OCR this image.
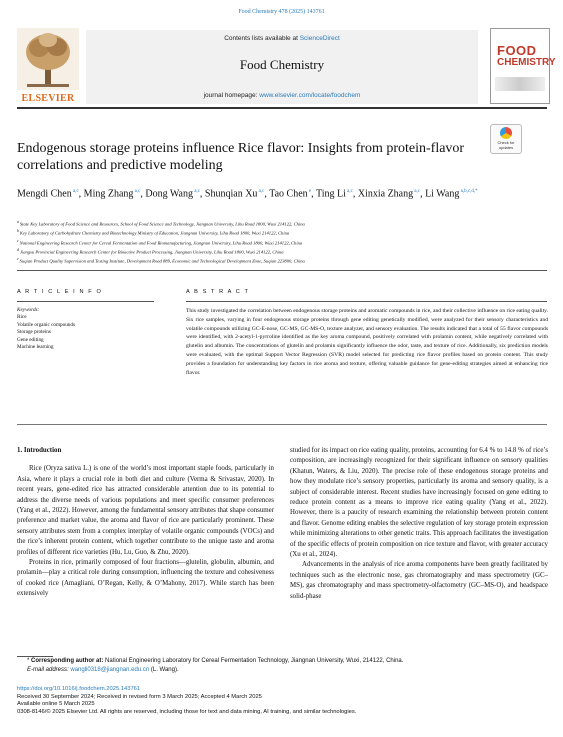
Food Chemistry 478 (2025) 143761
ELSEVIER
Contents lists available at ScienceDirect
Food Chemistry
journal homepage: www.elsevier.com/locate/foodchem
FOOD
CHEMISTRY
Check for updates
Endogenous storage proteins influence Rice flavor: Insights from protein-flavor correlations and predictive modeling
Mengdi Chen $^{a,c}$, Ming Zhang $^{a,c}$, Dong Wang $^{a,c}$, Shunqian Xu $^{a,c}$, Tao Chen $^e$, Ting Li $^{a,c}$, Xinxia Zhang $^{a,c}$, Li Wang $^{a,b,c,d,*}$
$^a$ State Key Laboratory of Food Science and Resources, School of Food Science and Technology, Jiangnan University, Lihu Road 1800, Wuxi 214122, China
$^b$ Key Laboratory of Carbohydrate Chemistry and Biotechnology Ministry of Education, Jiangnan University, Lihu Road 1800, Wuxi 214122, China
$^c$ National Engineering Research Center for Cereal Fermentation and Food Biomanufacturing, Jiangnan University, Lihu Road 1800, Wuxi 214122, China
$^d$ Jiangsu Provincial Engineering Research Center for Bioactive Product Processing, Jiangnan University, Lihu Road 1800, Wuxi 214122, China
$^e$ Suqian Product Quality Supervision and Testing Institute, Development Road 889, Economic and Technological Development Zone, Suqian 223800, China
A R T I C L E I N F O
Keywords:
Rice
Volatile organic compounds
Storage proteins
Gene editing
Machine learning
A B S T R A C T
This study investigated the correlation between endogenous storage proteins and aromatic compounds in rice, and their collective influence on rice eating quality. Six rice samples, varying in four endogenous storage proteins through gene editing genetically modified, were analyzed for their sensory characteristics and volatile compounds utilizing GC-E-nose, GC-MS, GC-MS-O, texture analyzer, and sensory evaluation. The results indicated that a total of 55 flavor compounds were identified, with 2-acetyl-1-pyrroline identified as the key aroma compound, positively correlated with prolamin content, while negatively correlated with glutelin and albumin. The concentrations of glutelin and prolamin significantly influence the odor, taste, and texture of rice. Additionally, six prediction models were evaluated, with the optimal Support Vector Regression (SVR) model selected for predicting rice flavor profiles based on protein content. This study provides a foundation for understanding key factors in rice aroma and texture, offering valuable guidance for gene-editing strategies aimed at enhancing rice flavor.
1. Introduction

Rice (Oryza sativa L.) is one of the world’s most important staple foods, particularly in Asia, where it plays a crucial role in both diet and culture (Verma & Srivastav, 2020). In recent years, gene-edited rice has attracted considerable attention due to its potential to address the diverse needs of various populations and meet specific consumer preferences (Yang et al., 2022). However, among the fundamental sensory attributes that shape consumer preference and market value, the aroma and flavor of rice are particularly prominent. These sensory attributes stem from a complex interplay of volatile organic compounds (VOCs) and the rice’s inherent protein content, which together contribute to the unique taste and aroma profiles of different rice varieties (Hu, Lu, Guo, & Zhu, 2020).

Proteins in rice, primarily composed of four fractions—glutelin, globulin, albumin, and prolamin—play a critical role during consumption, influencing the texture and cohesiveness of cooked rice (Amagliani, O’Regan, Kelly, & O’Mahony, 2017). While starch has been extensively

studied for its impact on rice eating quality, proteins, accounting for 6.4 % to 14.8 % of rice’s composition, are increasingly recognized for their significant influence on sensory qualities (Khatun, Waters, & Liu, 2020). The precise role of these endogenous storage proteins and how they modulate rice’s sensory properties, particularly its aroma and sensory quality, is a subject of considerable interest. Recent studies have increasingly focused on gene editing to reduce protein content as a means to improve rice eating quality (Yang et al., 2022). However, there is a paucity of research examining the relationship between protein content and flavor. Genome editing enables the selective regulation of key storage protein expression while minimizing alterations to other genetic traits. This approach facilitates the investigation of the specific effects of protein composition on rice texture and flavor, with greater accuracy (Xu et al., 2024).

Advancements in the analysis of rice aroma components have been greatly facilitated by techniques such as the electronic nose, gas chromatography and mass spectrometry (GC–MS), gas chromatography and mass spectrometry-olfactometry (GC–MS-O), and headspace solid-phase

* Corresponding author at: National Engineering Laboratory for Cereal Fermentation Technology, Jiangnan University, Wuxi, 214122, China.
E-mail address: wangli0318@jiangnan.edu.cn (L. Wang).
https://doi.org/10.1016/j.foodchem.2025.143761
Received 30 September 2024; Received in revised form 3 March 2025; Accepted 4 March 2025
Available online 5 March 2025
0308-8146/© 2025 Elsevier Ltd. All rights are reserved, including those for text and data mining, AI training, and similar technologies.
